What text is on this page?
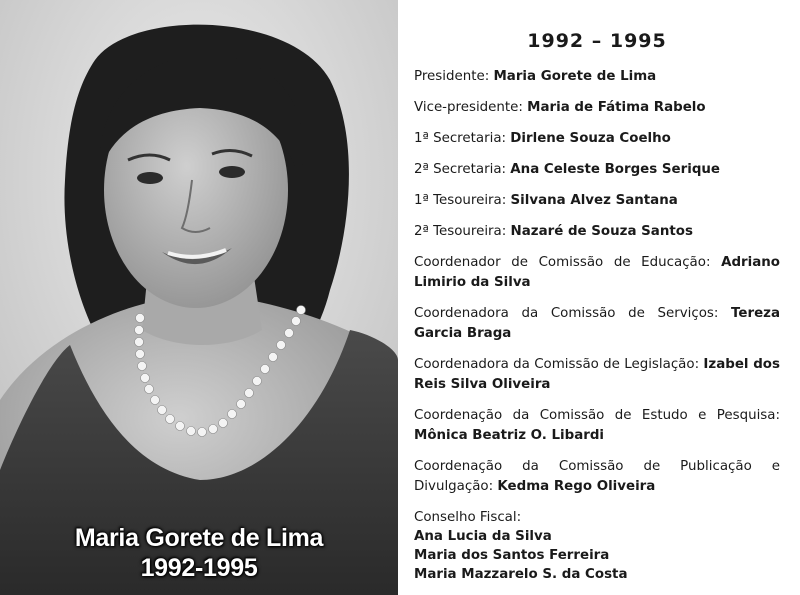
Maria Gorete de Lima
1992-1995
1992 – 1995
Presidente: Maria Gorete de Lima
Vice-presidente: Maria de Fátima Rabelo
1ª Secretaria: Dirlene Souza Coelho
2ª Secretaria: Ana Celeste Borges Serique
1ª Tesoureira: Silvana Alvez Santana
2ª Tesoureira: Nazaré de Souza Santos
Coordenador de Comissão de Educação: Adriano Limirio da Silva
Coordenadora da Comissão de Serviços: Tereza Garcia Braga
Coordenadora da Comissão de Legislação: Izabel dos Reis Silva Oliveira
Coordenação da Comissão de Estudo e Pesquisa: Mônica Beatriz O. Libardi
Coordenação da Comissão de Publicação e Divulgação: Kedma Rego Oliveira
Conselho Fiscal:
Ana Lucia da Silva
Maria dos Santos Ferreira
Maria Mazzarelo S. da Costa
